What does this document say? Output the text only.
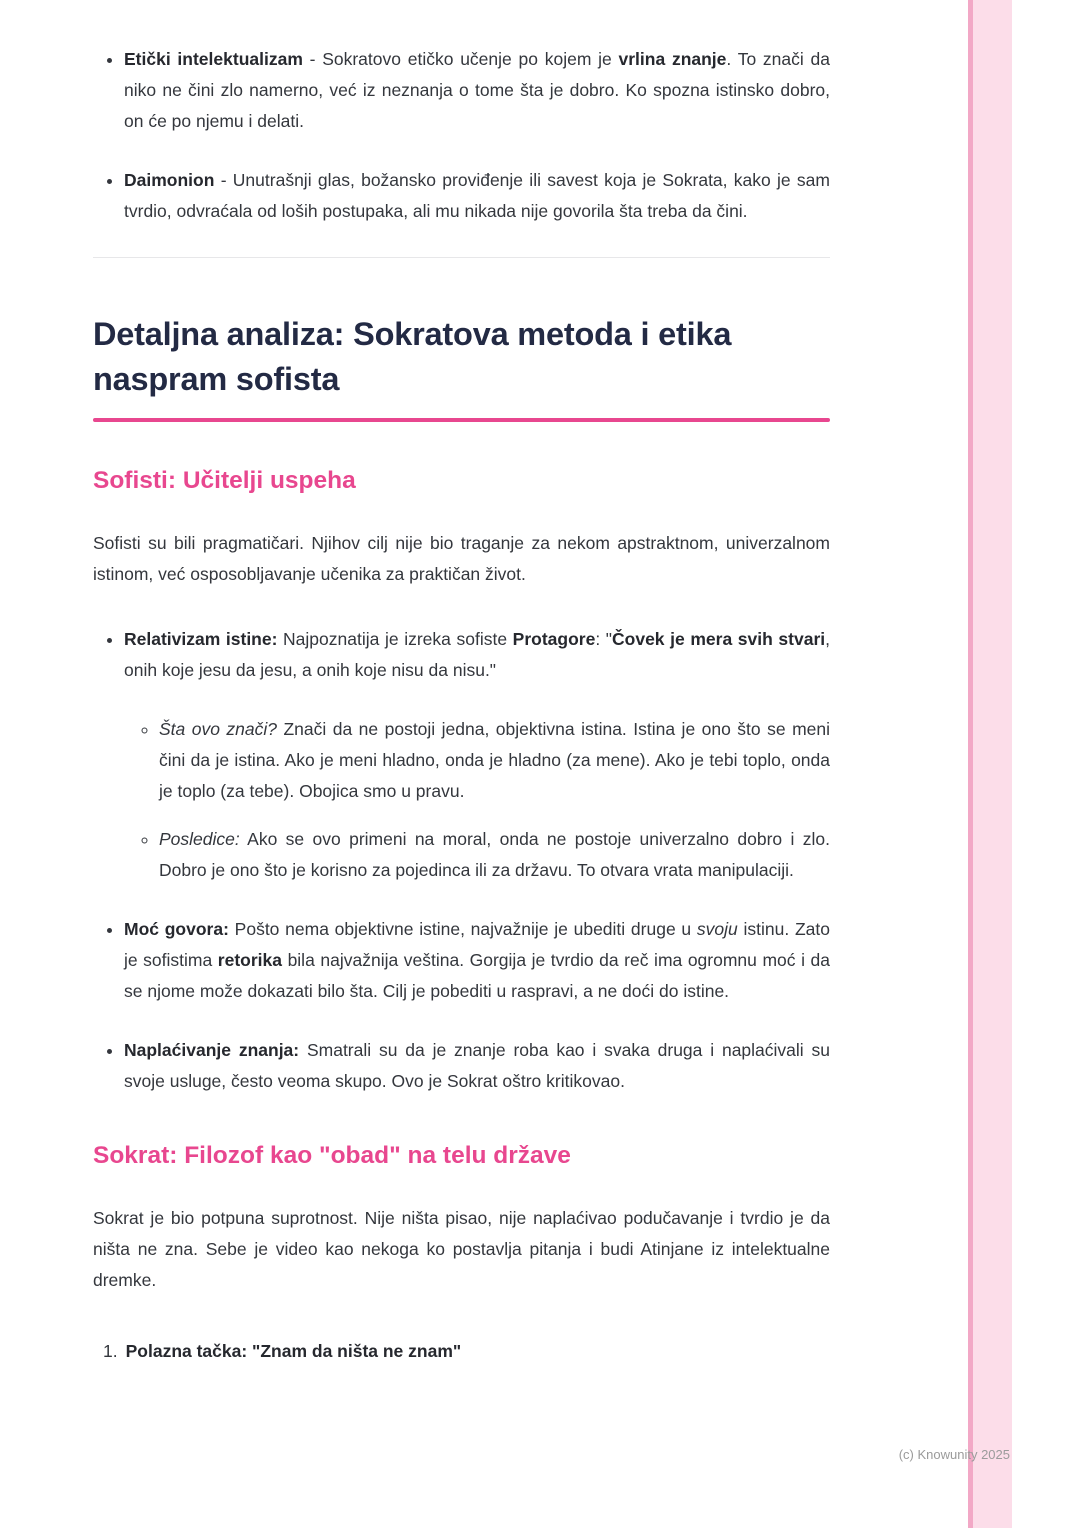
• Etički intelektualizam - Sokratovo etičko učenje po kojem je vrlina znanje. To znači da niko ne čini zlo namerno, već iz neznanja o tome šta je dobro. Ko spozna istinsko dobro, on će po njemu i delati.
• Daimonion - Unutrašnji glas, božansko proviđenje ili savest koja je Sokrata, kako je sam tvrdio, odvraćala od loših postupaka, ali mu nikada nije govorila šta treba da čini.
Detaljna analiza: Sokratova metoda i etika naspram sofista
Sofisti: Učitelji uspeha

Sofisti su bili pragmatičari. Njihov cilj nije bio traganje za nekom apstraktnom, univerzalnom istinom, već osposobljavanje učenika za praktičan život.

• Relativizam istine: Najpoznatija je izreka sofiste Protagore: "Čovek je mera svih stvari, onih koje jesu da jesu, a onih koje nisu da nisu."
◦ Šta ovo znači? Znači da ne postoji jedna, objektivna istina. Istina je ono što se meni čini da je istina. Ako je meni hladno, onda je hladno (za mene). Ako je tebi toplo, onda je toplo (za tebe). Obojica smo u pravu.
◦ Posledice: Ako se ovo primeni na moral, onda ne postoje univerzalno dobro i zlo. Dobro je ono što je korisno za pojedinca ili za državu. To otvara vrata manipulaciji.
• Moć govora: Pošto nema objektivne istine, najvažnije je ubediti druge u svoju istinu. Zato je sofistima retorika bila najvažnija veština. Gorgija je tvrdio da reč ima ogromnu moć i da se njome može dokazati bilo šta. Cilj je pobediti u raspravi, a ne doći do istine.
• Naplaćivanje znanja: Smatrali su da je znanje roba kao i svaka druga i naplaćivali su svoje usluge, često veoma skupo. Ovo je Sokrat oštro kritikovao.
Sokrat: Filozof kao "obad" na telu države

Sokrat je bio potpuna suprotnost. Nije ništa pisao, nije naplaćivao podučavanje i tvrdio je da ništa ne zna. Sebe je video kao nekoga ko postavlja pitanja i budi Atinjane iz intelektualne dremke.

1. Polazna tačka: "Znam da ništa ne znam"
(c) Knowunity 2025
